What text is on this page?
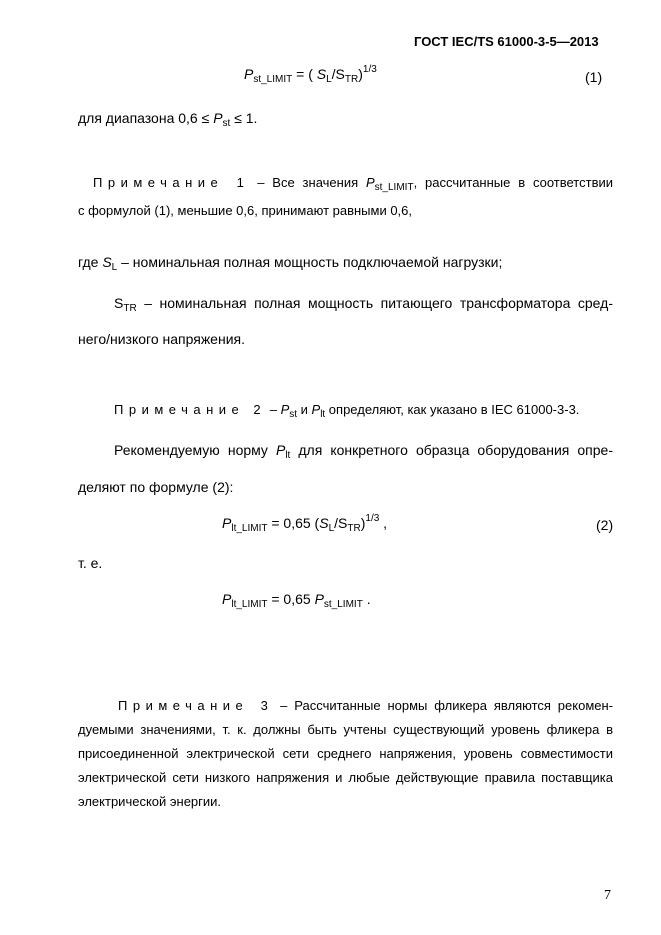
ГОСТ IEC/TS 61000-3-5—2013
$P_{st\_LIMIT}$ = ( $S_L/S_{TR})^{1/3}$	(1)
для диапазона $0,6 \le P_{st} \le 1$.
Примечание 1 – Все значения $P_{st\_LIMIT}$, рассчитанные в соответствии
с формулой (1), меньшие 0,6, принимают равными 0,6,
где $S_L$ – номинальная полная мощность подключаемой нагрузки;
$S_{TR}$ – номинальная полная мощность питающего трансформатора сред-
него/низкого напряжения.
Примечание $2 - P_{st}$ и $P_{lt}$ определяют, как указано в IEC 61000-3-3.
Рекомендуемую норму $P_{lt}$ для конкретного образца оборудования опре-
деляют по формуле (2):
$P_{lt\_LIMIT} = 0,65$ $(S_L/S_{TR})^{1/3}$ ,	(2)
т. е.
$P_{lt\_LIMIT} = 0,65$ $P_{st\_LIMIT}$ .
Примечание 3 – Рассчитанные нормы фликера являются рекомен-
дуемыми значениями, т. к. должны быть учтены существующий уровень фликера в
присоединенной электрической сети среднего напряжения, уровень совместимости
электрической сети низкого напряжения и любые действующие правила поставщика
электрической энергии.
7
